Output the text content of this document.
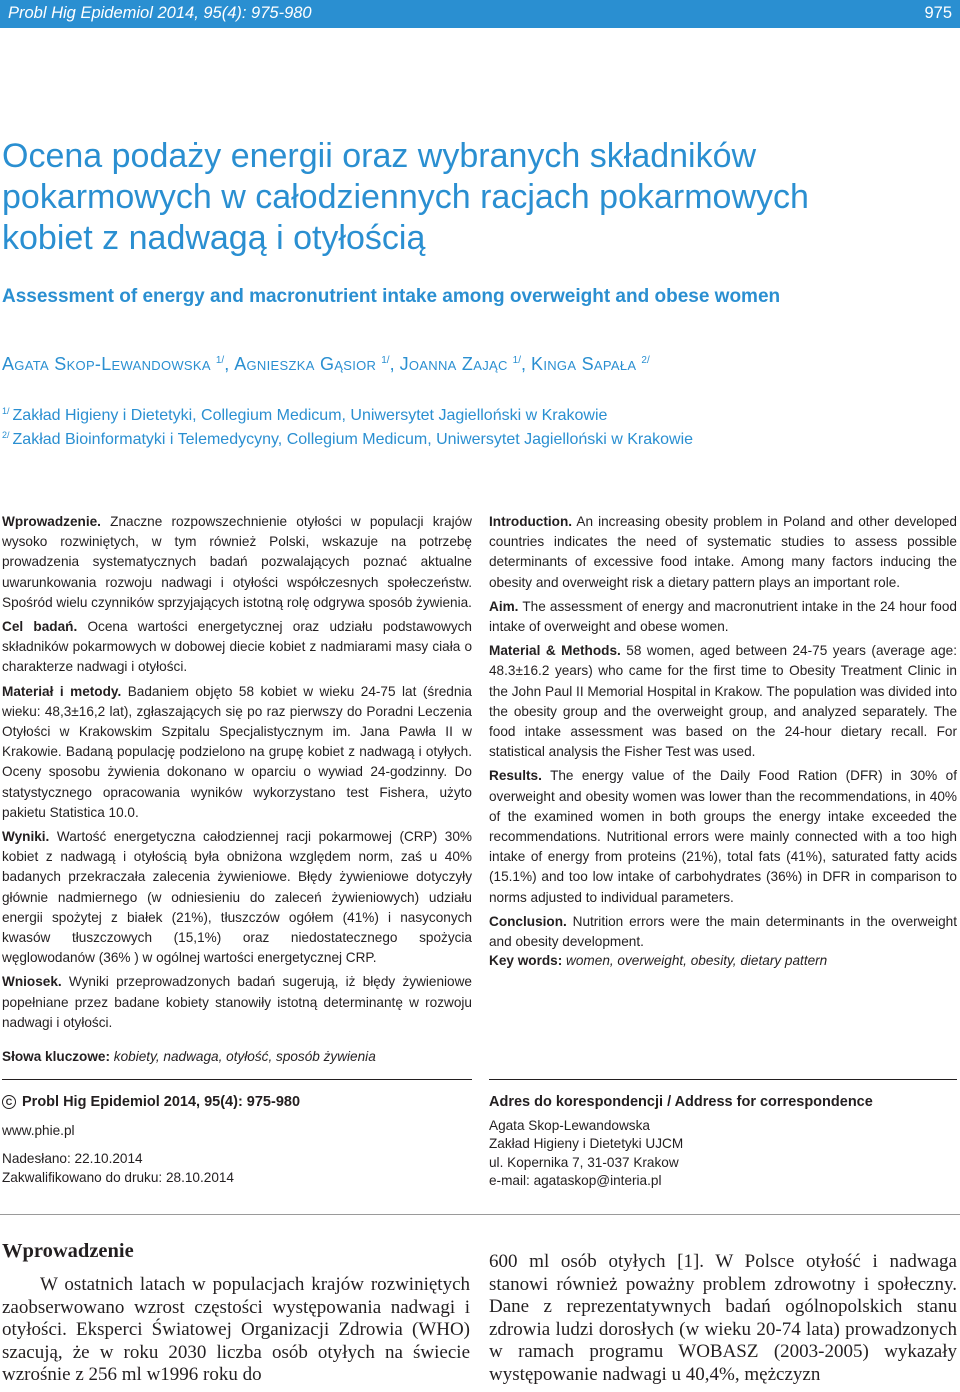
Probl Hig Epidemiol 2014, 95(4): 975-980	975
Ocena podaży energii oraz wybranych składników
pokarmowych w całodziennych racjach pokarmowych
kobiet z nadwagą i otyłością
Assessment of energy and macronutrient intake among overweight and obese women
Agata Skop-Lewandowska $^{1/}$, Agnieszka Gąsior $^{1/}$, Joanna Zając $^{1/}$, Kinga Sapała $^{2/}$
$^{1/}$ Zakład Higieny i Dietetyki, Collegium Medicum, Uniwersytet Jagielloński w Krakowie
$^{2/}$ Zakład Bioinformatyki i Telemedycyny, Collegium Medicum, Uniwersytet Jagielloński w Krakowie

Wprowadzenie. Znaczne rozpowszechnienie otyłości w populacji krajów wysoko rozwiniętych, w tym również Polski, wskazuje na potrzebę prowadzenia systematycznych badań pozwalających poznać aktualne uwarunkowania rozwoju nadwagi i otyłości współczesnych społeczeństw. Spośród wielu czynników sprzyjających istotną rolę odgrywa sposób żywienia.

Cel badań. Ocena wartości energetycznej oraz udziału podstawowych składników pokarmowych w dobowej diecie kobiet z nadmiarami masy ciała o charakterze nadwagi i otyłości.

Materiał i metody. Badaniem objęto 58 kobiet w wieku 24-75 lat (średnia wieku: 48,3±16,2 lat), zgłaszających się po raz pierwszy do Poradni Leczenia Otyłości w Krakowskim Szpitalu Specjalistycznym im. Jana Pawła II w Krakowie. Badaną populację podzielono na grupę kobiet z nadwagą i otyłych. Oceny sposobu żywienia dokonano w oparciu o wywiad 24-godzinny. Do statystycznego opracowania wyników wykorzystano test Fishera, użyto pakietu Statistica 10.0.

Wyniki. Wartość energetyczna całodziennej racji pokarmowej (CRP) 30% kobiet z nadwagą i otyłością była obniżona względem norm, zaś u 40% badanych przekraczała zalecenia żywieniowe. Błędy żywieniowe dotyczyły głównie nadmiernego (w odniesieniu do zaleceń żywieniowych) udziału energii spożytej z białek (21%), tłuszczów ogółem (41%) i nasyconych kwasów tłuszczowych (15,1%) oraz niedostatecznego spożycia węglowodanów (36% ) w ogólnej wartości energetycznej CRP.

Wniosek. Wyniki przeprowadzonych badań sugerują, iż błędy żywieniowe popełniane przez badane kobiety stanowiły istotną determinantę w rozwoju nadwagi i otyłości.

Słowa kluczowe: kobiety, nadwaga, otyłość, sposób żywienia

Introduction. An increasing obesity problem in Poland and other developed countries indicates the need of systematic studies to assess possible determinants of excessive food intake. Among many factors inducing the obesity and overweight risk a dietary pattern plays an important role.

Aim. The assessment of energy and macronutrient intake in the 24 hour food intake of overweight and obese women.

Material & Methods. 58 women, aged between 24-75 years (average age: 48.3±16.2 years) who came for the first time to Obesity Treatment Clinic in the John Paul II Memorial Hospital in Krakow. The population was divided into the obesity group and the overweight group, and analyzed separately. The food intake assessment was based on the 24-hour dietary recall. For statistical analysis the Fisher Test was used.

Results. The energy value of the Daily Food Ration (DFR) in 30% of overweight and obesity women was lower than the recommendations, in 40% of the examined women in both groups the energy intake exceeded the recommendations. Nutritional errors were mainly connected with a too high intake of energy from proteins (21%), total fats (41%), saturated fatty acids (15.1%) and too low intake of carbohydrates (36%) in DFR in comparison to norms adjusted to individual parameters.

Conclusion. Nutrition errors were the main determinants in the overweight and obesity development.

Key words: women, overweight, obesity, dietary pattern
C Probl Hig Epidemiol 2014, 95(4): 975-980
www.phie.pl
Nadesłano: 22.10.2014
Zakwalifikowano do druku: 28.10.2014
Adres do korespondencji / Address for correspondence
Agata Skop-Lewandowska
Zakład Higieny i Dietetyki UJCM
ul. Kopernika 7, 31-037 Krakow
e-mail: agataskop@interia.pl
Wprowadzenie
W ostatnich latach w populacjach krajów rozwiniętych zaobserwowano wzrost częstości występowania nadwagi i otyłości. Eksperci Światowej Organizacji Zdrowia (WHO) szacują, że w roku 2030 liczba osób otyłych na świecie wzrośnie z 256 ml w1996 roku do
600 ml osób otyłych [1]. W Polsce otyłość i nadwaga stanowi również poważny problem zdrowotny i społeczny. Dane z reprezentatywnych badań ogólnopolskich stanu zdrowia ludzi dorosłych (w wieku 20-74 lata) prowadzonych w ramach programu WOBASZ (2003-2005) wykazały występowanie nadwagi u 40,4%, mężczyzn
